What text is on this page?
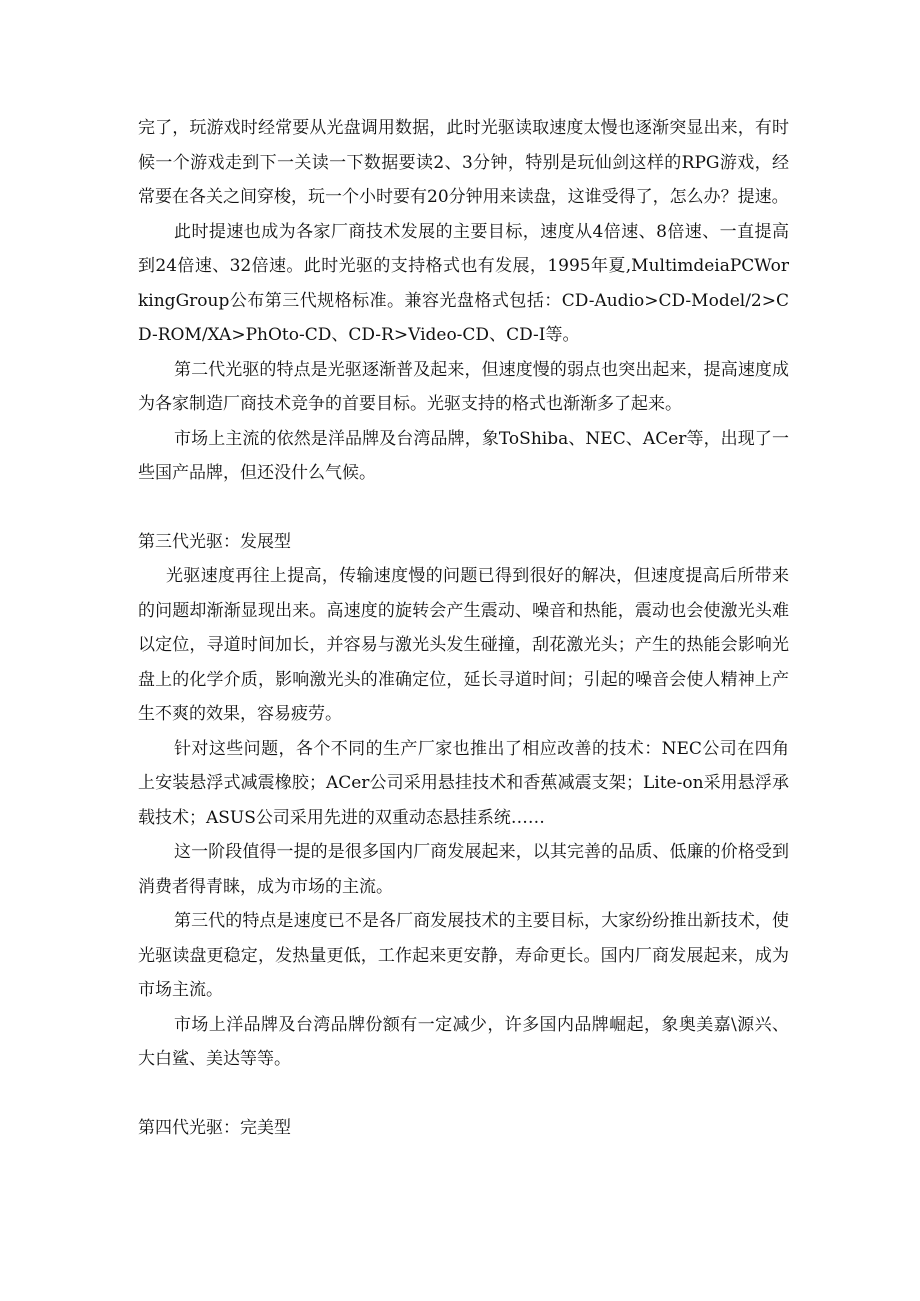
完了，玩游戏时经常要从光盘调用数据，此时光驱读取速度太慢也逐渐突显出来，有时候一个游戏走到下一关读一下数据要读2、3分钟，特别是玩仙剑这样的RPG游戏，经常要在各关之间穿梭，玩一个小时要有20分钟用来读盘，这谁受得了，怎么办？提速。

此时提速也成为各家厂商技术发展的主要目标，速度从4倍速、8倍速、一直提高到24倍速、32倍速。此时光驱的支持格式也有发展，1995年夏,MultimdeiaPCWorkingGroup公布第三代规格标准。兼容光盘格式包括：CD-Audio>CD-Model/2>CD-ROM/XA>PhOto-CD、CD-R>Video-CD、CD-I等。

第二代光驱的特点是光驱逐渐普及起来，但速度慢的弱点也突出起来，提高速度成为各家制造厂商技术竞争的首要目标。光驱支持的格式也渐渐多了起来。

市场上主流的依然是洋品牌及台湾品牌，象ToShiba、NEC、ACer等，出现了一些国产品牌，但还没什么气候。

第三代光驱：发展型

光驱速度再往上提高，传输速度慢的问题已得到很好的解决，但速度提高后所带来的问题却渐渐显现出来。高速度的旋转会产生震动、噪音和热能，震动也会使激光头难以定位，寻道时间加长，并容易与激光头发生碰撞，刮花激光头；产生的热能会影响光盘上的化学介质，影响激光头的准确定位，延长寻道时间；引起的噪音会使人精神上产生不爽的效果，容易疲劳。

针对这些问题，各个不同的生产厂家也推出了相应改善的技术：NEC公司在四角上安装悬浮式减震橡胶；ACer公司采用悬挂技术和香蕉减震支架；Lite-on采用悬浮承载技术；ASUS公司采用先进的双重动态悬挂系统……

这一阶段值得一提的是很多国内厂商发展起来，以其完善的品质、低廉的价格受到消费者得青睐，成为市场的主流。

第三代的特点是速度已不是各厂商发展技术的主要目标，大家纷纷推出新技术，使光驱读盘更稳定，发热量更低，工作起来更安静，寿命更长。国内厂商发展起来，成为市场主流。

市场上洋品牌及台湾品牌份额有一定减少，许多国内品牌崛起，象奥美嘉\源兴、大白鲨、美达等等。

第四代光驱：完美型
